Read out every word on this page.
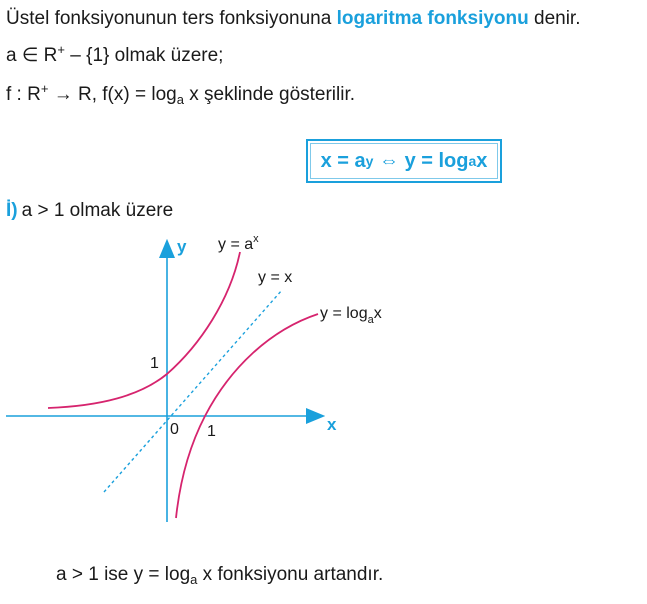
Üstel fonksiyonunun ters fonksiyonuna logaritma fonksiyonu denir.
a ∈ R+ – {1} olmak üzere;
f : R+ → R, $f(x) = \log_a x$ şeklinde gösterilir.
x = a y ⇔ y = log a x
İ) a > 1 olmak üzere
y
x
0 1
1
$y = a^x$
y = x
$y = \log_ax$
a > 1 ise $y = \log_a x$ fonksiyonu artandır.
